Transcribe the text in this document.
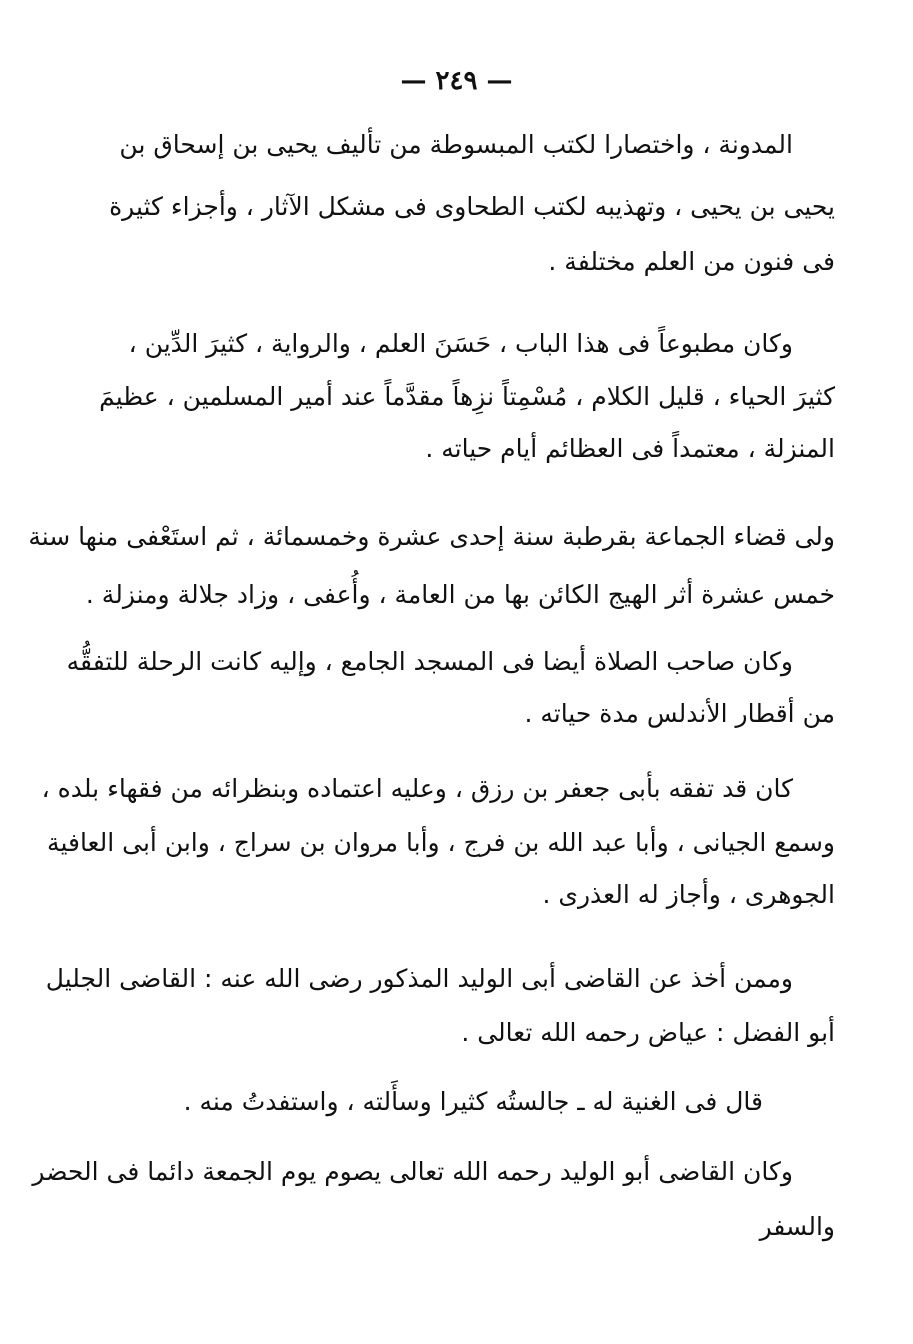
— ٢٤٩ —
المدونة ، واختصارا لكتب المبسوطة من تأليف يحيى بن إسحاق بن
يحيى بن يحيى ، وتهذيبه لكتب الطحاوى فى مشكل الآثار ، وأجزاء كثيرة
فى فنون من العلم مختلفة .
وكان مطبوعاً فى هذا الباب ، حَسَنَ العلم ، والرواية ، كثيرَ الدِّين ،
كثيرَ الحياء ، قليل الكلام ، مُسْمِتاً نزِهاً مقدَّماً عند أمير المسلمين ، عظيمَ
المنزلة ، معتمداً فى العظائم أيام حياته .
ولى قضاء الجماعة بقرطبة سنة إحدى عشرة وخمسمائة ، ثم استَعْفى منها سنة
خمس عشرة أثر الهيج الكائن بها من العامة ، وأُعفى ، وزاد جلالة ومنزلة .
وكان صاحب الصلاة أيضا فى المسجد الجامع ، وإليه كانت الرحلة للتفقُّه
من أقطار الأندلس مدة حياته .
كان قد تفقه بأبى جعفر بن رزق ، وعليه اعتماده وبنظرائه من فقهاء بلده ،
وسمع الجيانى ، وأبا عبد الله بن فرج ، وأبا مروان بن سراج ، وابن أبى العافية
الجوهرى ، وأجاز له العذرى .
وممن أخذ عن القاضى أبى الوليد المذكور رضى الله عنه : القاضى الجليل
أبو الفضل : عياض رحمه الله تعالى .
قال فى الغنية له ـ جالستُه كثيرا وسأَلته ، واستفدتُ منه .
وكان القاضى أبو الوليد رحمه الله تعالى يصوم يوم الجمعة دائما فى الحضر
والسفر
